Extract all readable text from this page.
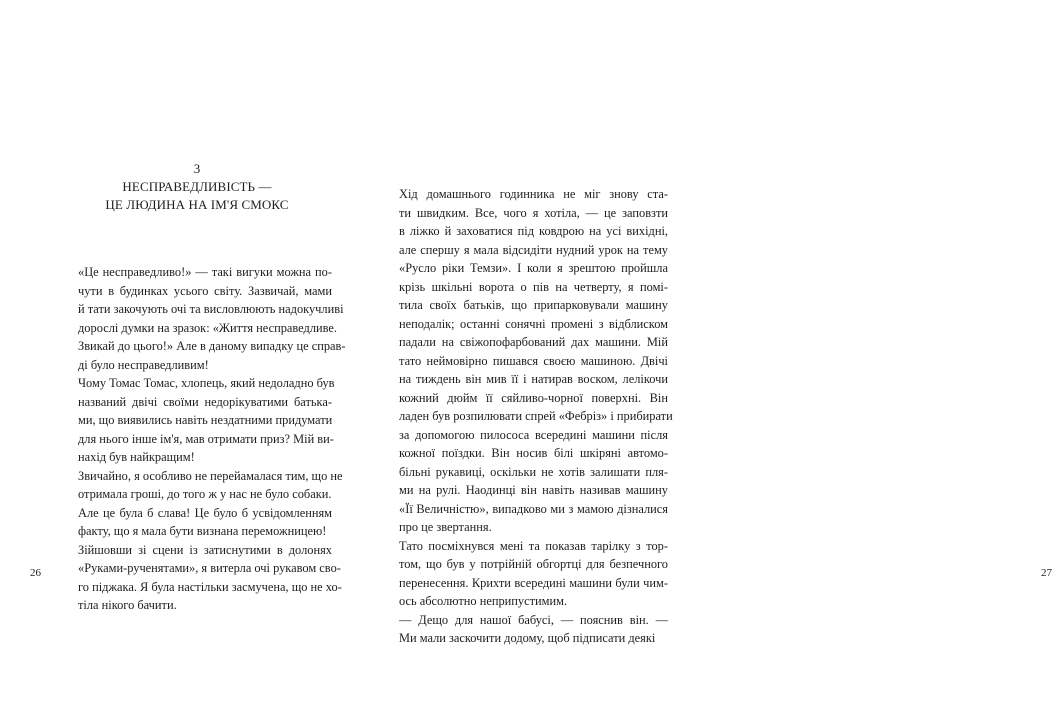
3
НЕСПРАВЕДЛИВІСТЬ —
ЦЕ ЛЮДИНА НА ІМ'Я СМОКС
«Це несправедливо!» — такі вигуки можна по-
чути в будинках усього світу. Зазвичай, мами
й тати закочують очі та висловлюють надокучливі
дорослі думки на зразок: «Життя несправедливе.
Звикай до цього!» Але в даному випадку це справ-
ді було несправедливим!
Чому Томас Томас, хлопець, який недоладно був
названий двічі своїми недорікуватими батька-
ми, що виявились навіть нездатними придумати
для нього інше ім'я, мав отримати приз? Мій ви-
нахід був найкращим!
Звичайно, я особливо не перейамалася тим, що не
отримала гроші, до того ж у нас не було собаки.
Але це була б слава! Це було б усвідомленням
факту, що я мала бути визнана переможницею!
Зійшовши зі сцени із затиснутими в долонях
«Руками-рученятами», я витерла очі рукавом сво-
го піджака. Я була настільки засмучена, що не хо-
тіла нікого бачити.
26	27
Хід домашнього годинника не міг знову ста-
ти швидким. Все, чого я хотіла, — це заповзти
в ліжко й заховатися під ковдрою на усі вихідні,
але спершу я мала відсидіти нудний урок на тему
«Русло ріки Темзи». І коли я зрештою пройшла
крізь шкільні ворота о пів на четверту, я помі-
тила своїх батьків, що припарковували машину
неподалік; останні сонячні промені з відблиском
падали на свіжопофарбований дах машини. Мій
тато неймовірно пишався своєю машиною. Двічі
на тиждень він мив її і натирав воском, лелікочи
кожний дюйм її сяйливо-чорної поверхні. Він
ладен був розпилювати спрей «Фебріз» і прибирати
за допомогою пилососа всередині машини після
кожної поїздки. Він носив білі шкіряні автомо-
більні рукавиці, оскільки не хотів залишати пля-
ми на рулі. Наодинці він навіть називав машину
«Її Величністю», випадково ми з мамою дізналися
про це звертання.
Тато посміхнувся мені та показав тарілку з тор-
том, що був у потрійній обгортці для безпечного
перенесення. Крихти всередині машини були чим-
ось абсолютно неприпустимим.
— Дещо для нашої бабусі, — пояснив він. —
Ми мали заскочити додому, щоб підписати деякі
